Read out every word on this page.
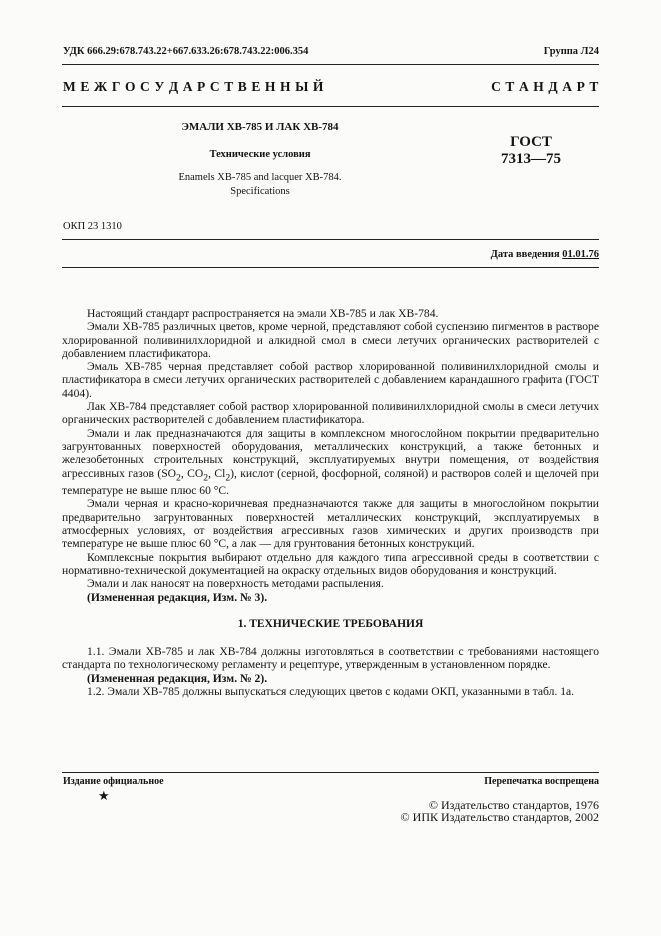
УДК 666.29:678.743.22+667.633.26:678.743.22:006.354	Группа Л24
М Е Ж Г О С У Д А Р С Т В Е Н Н Ы Й	С Т А Н Д А Р Т
ЭМАЛИ ХВ-785 И ЛАК ХВ-784
Технические условия
Enamels XB-785 and lacquer XB-784.
Specifications
ГОСТ
7313—75
ОКП 23 1310
Дата введения 01.01.76

Настоящий стандарт распространяется на эмали ХВ-785 и лак ХВ-784.

Эмали ХВ-785 различных цветов, кроме черной, представляют собой суспензию пигментов в растворе хлорированной поливинилхлоридной и алкидной смол в смеси летучих органических растворителей с добавлением пластификатора.

Эмаль ХВ-785 черная представляет собой раствор хлорированной поливинилхлоридной смолы и пластификатора в смеси летучих органических растворителей с добавлением карандашного графита (ГОСТ 4404).

Лак ХВ-784 представляет собой раствор хлорированной поливинилхлоридной смолы в смеси летучих органических растворителей с добавлением пластификатора.

Эмали и лак предназначаются для защиты в комплексном многослойном покрытии предварительно загрунтованных поверхностей оборудования, металлических конструкций, а также бетонных и железобетонных строительных конструкций, эксплуатируемых внутри помещения, от воздействия агрессивных газов ($SO_2$, $CO_2$, $Cl_2$), кислот (серной, фосфорной, соляной) и растворов солей и щелочей при температуре не выше плюс 60 °С.

Эмали черная и красно-коричневая предназначаются также для защиты в многослойном покрытии предварительно загрунтованных поверхностей металлических конструкций, эксплуатируемых в атмосферных условиях, от воздействия агрессивных газов химических и других производств при температуре не выше плюс 60 °С, а лак — для грунтования бетонных конструкций.

Комплексные покрытия выбирают отдельно для каждого типа агрессивной среды в соответствии с нормативно-технической документацией на окраску отдельных видов оборудования и конструкций.

Эмали и лак наносят на поверхность методами распыления.

(Измененная редакция, Изм. № 3).

1. ТЕХНИЧЕСКИЕ ТРЕБОВАНИЯ

1.1. Эмали ХВ-785 и лак ХВ-784 должны изготовляться в соответствии с требованиями настоящего стандарта по технологическому регламенту и рецептуре, утвержденным в установленном порядке.

(Измененная редакция, Изм. № 2).

1.2. Эмали ХВ-785 должны выпускаться следующих цветов с кодами ОКП, указанными в табл. 1а.

Издание официальное	Перепечатка воспрещена
★
© Издательство стандартов, 1976
© ИПК Издательство стандартов, 2002
